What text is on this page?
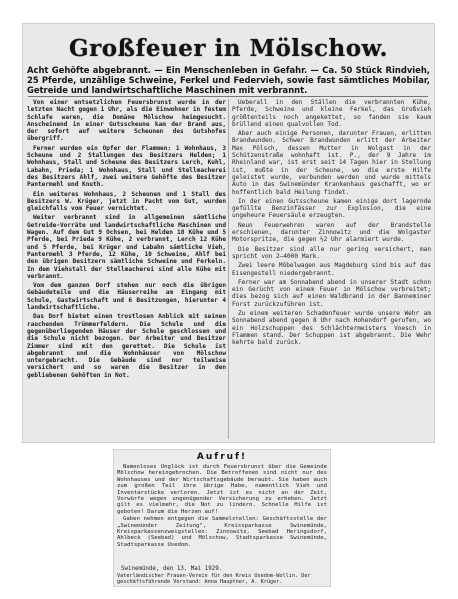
Großfeuer in Mölschow.
Acht Gehöfte abgebrannt. — Ein Menschenleben in Gefahr. — Ca. 50 Stück Rindvieh, 25 Pferde, unzählige Schweine, Ferkel und Federvieh, sowie fast sämtliches Mobilar, Getreide und landwirtschaftliche Maschinen mit verbrannt.

Von einer entsetzlichen Feuersbrunst wurde in der letzten Nacht gegen 1 Uhr, als die Einwohner in festem Schlafe waren, die Domäne Mölschow heimgesucht. Anscheinend in einer Gutsscheune kam der Brand aus, der sofort auf weitere Scheunen des Gutshofes übergriff.

Ferner wurden ein Opfer der Flammen: 1 Wohnhaus, 3 Scheune und 2 Stallungen des Besitzers Helden; 1 Wohnhaus, Stall und Scheune des Besitzers Lerch, Kuhl, Labahn, Prieda; 1 Wohnhaus, Stall und Stellmacherei des Besitzers Ahlf, zwei weitere Gehöfte des Besitzer Pantermehl und Knuth.

Ein weiteres Wohnhaus, 2 Scheunen und 1 Stall des Besitzers W. Krüger, jetzt in Pacht vom Gut, wurden gleichfalls vom Feuer vernichtet.

Weiter verbrannt sind in allgemeinen sämtliche Getreide-Vorräte und landwirtschaftliche Maschinen und Wagen. Auf dem Gut 9 Ochsen, bei Helden 18 Kühe und 5 Pferde, bei Prieda 9 Kühe, 2 verbrannt, Lerch 12 Kühe und 5 Pferde, bei Krüger und Labahn sämtliche Vieh, Pantermehl 3 Pferde, 12 Kühe, 10 Schweine, Ahlf bei den übrigen Besitzern sämtliche Schweine und Ferkeln. In dem Viehstall der Stellmacherei sind alle Kühe mit verbrannt.

Vom dem ganzen Dorf stehen nur noch die übrigen Gebäudeteile und die Häuserreihe am Eingang mit Schule, Gastwirtschaft und 6 Besitzungen, hierunter 4 landwirtschaftliche.

Das Dorf bietet einen trostlosen Anblick mit seinen rauchenden Trümmerfeldern. Die Schule und die gegenüberliegenden Häuser der Schule geschlossen und die Schule nicht bezogen. Der Arbeiter und Besitzer Zimmer sind mit den gerettet. Die Schule ist abgebrannt und die Wohnhäuser von Mölschow untergebracht. Die Gebäude sind nur teilweise versichert und so waren die Besitzer in den gebliebenen Gehöften in Not.

Ueberall in den Ställen die verbrannten Kühe, Pferde, Schweine und kleine Ferkel, das Großvieh größtenteils noch angekettet, so fanden sie kaum brüllend einen qualvollen Tod.

Aber auch einige Personen, darunter Frauen, erlitten Brandwunden. Schwer Brandwunden erlitt der Arbeiter Max Pölsch, dessen Mutter in Wolgast in der Schützenstraße wohnhaft ist. P., der 9 Jahre im Rheinland war, ist erst seit 14 Tagen hier in Stellung ist, mußte in der Scheune, wo die erste Hilfe geleistet wurde, verbunden werden und wurde mittels Auto in das Swinemünder Krankenhaus geschafft, wo er hoffentlich bald Heilung findet.

In der einen Gutsscheune kamen einige dort lagernde gefüllte Benzinfässer zur Explosion, die eine ungeheure Feuersäule erzeugten.

Neun Feuerwehren waren auf der Brandstelle erschienen, darunter Zinnowitz und die Wolgaster Motorspritze, die gegen ½2 Uhr alarmiert wurde.

Die Besitzer sind alle nur gering versichert, man spricht von 2—4000 Mark.

Zwei leere Möbelwagen aus Magdeburg sind bis auf das Eisengestell niedergebrannt.

Ferner war am Sonnabend abend in unserer Stadt schon ein Gerücht von einem Feuer in Mölschow verbreitet; dies bezog sich auf einen Waldbrand in der Banneminer Forst zurückzuführen ist.

Zu einem weiteren Schadenfeuer wurde unsere Wehr am Sonnabend abend gegen 8 Uhr nach Hohendorf gerufen, wo ein Holzschuppen des Schlächtermeisters Voesch in Flammen stand. Der Schuppen ist abgebrannt. Die Wehr kehrte bald zurück.

Aufruf!

Namenloses Unglück ist durch Feuersbrunst über die Gemeinde Mölschow hereingebrochen. Die Betroffenen sind nicht nur des Wohnhauses und der Wirtschaftsgebäude beraubt. Sie haben auch zum großen Teil ihre übrige Habe, namentlich Vieh und Inventarstücke verloren. Jetzt ist es nicht an der Zeit, Vorwürfe wegen ungenügender Versicherung zu erheben. Jetzt gilt es vielmehr, die Not zu lindern. Schnelle Hilfe ist geboten! Darum die Herzen auf!

Gaben nehmen entgegen die Sammelstellen: Geschäftsstelle der „Swinemünder Zeitung", Kreissparkasse Swinemünde, Kreisparkassenzweigstellen: Zinnowitz, Seebad Heringsdorf, Ahlbeck (Seebad) und Mölschow, Stadtsparkasse Swinemünde, Stadtsparkasse Usedom.

Swinemünde, den 13. Mai 1929.
Vaterländischer Frauen-Verein für den Kreis Usedom-Wollin. Der geschäftsführende Vorstand: Anna Hauptner, A. Krüger.
